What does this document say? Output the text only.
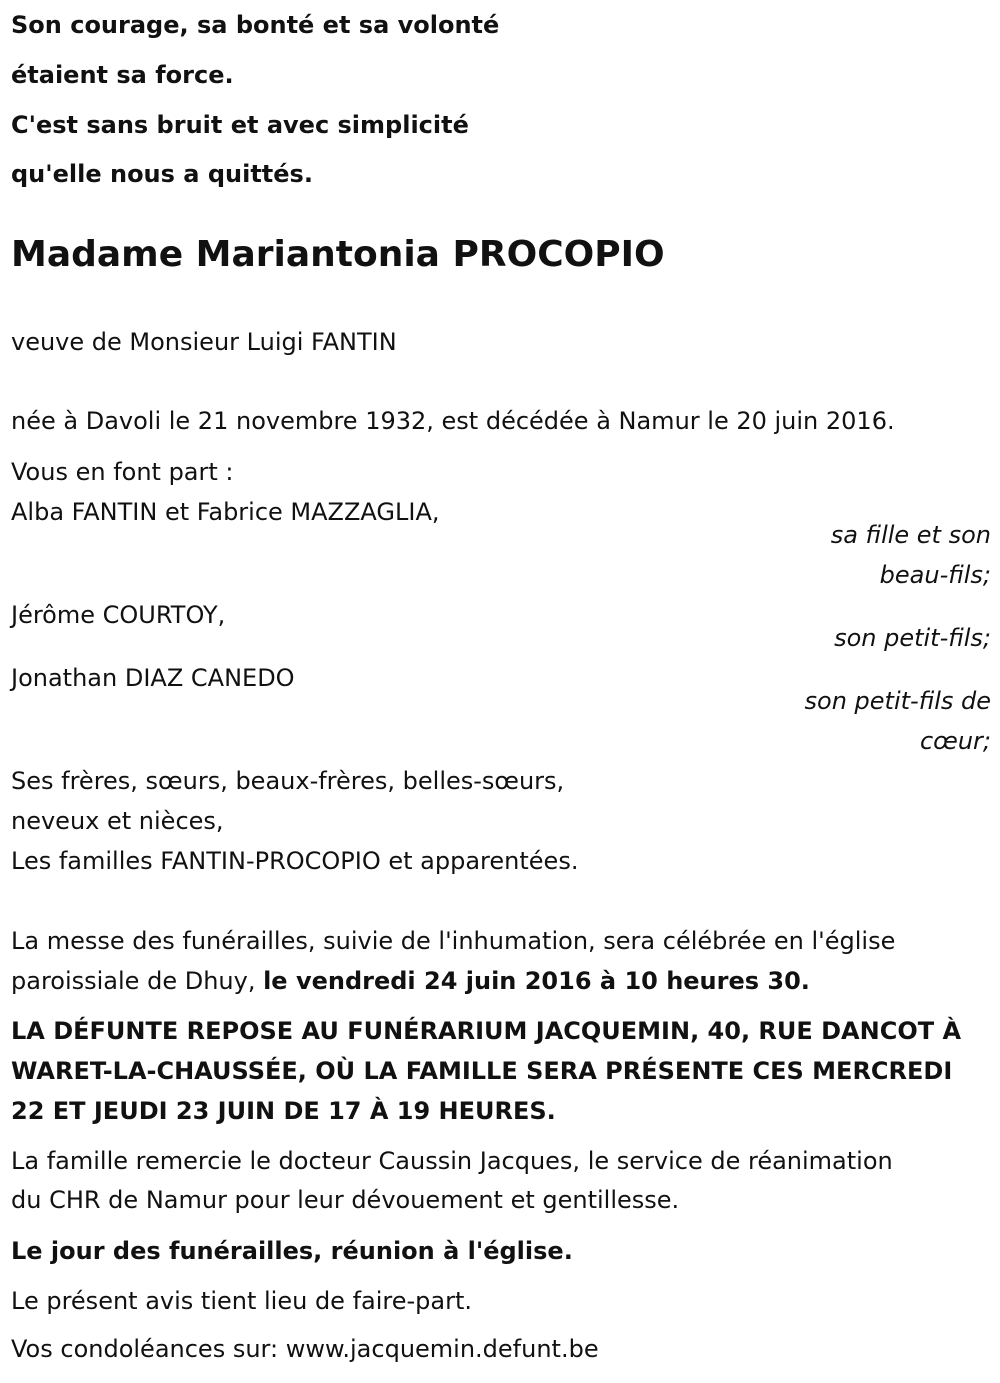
Son courage, sa bonté et sa volonté
étaient sa force.
C'est sans bruit et avec simplicité
qu'elle nous a quittés.
Madame Mariantonia PROCOPIO
veuve de Monsieur Luigi FANTIN
née à Davoli le 21 novembre 1932, est décédée à Namur le 20 juin 2016.
Vous en font part :
Alba FANTIN et Fabrice MAZZAGLIA,
sa fille et son
beau-fils;
Jérôme COURTOY,
son petit-fils;
Jonathan DIAZ CANEDO
son petit-fils de
cœur;
Ses frères, sœurs, beaux-frères, belles-sœurs,
neveux et nièces,
Les familles FANTIN-PROCOPIO et apparentées.
La messe des funérailles, suivie de l'inhumation, sera célébrée en l'église
paroissiale de Dhuy, le vendredi 24 juin 2016 à 10 heures 30.
LA DÉFUNTE REPOSE AU FUNÉRARIUM JACQUEMIN, 40, RUE DANCOT À
WARET-LA-CHAUSSÉE, OÙ LA FAMILLE SERA PRÉSENTE CES MERCREDI
22 ET JEUDI 23 JUIN DE 17 À 19 HEURES.
La famille remercie le docteur Caussin Jacques, le service de réanimation
du CHR de Namur pour leur dévouement et gentillesse.
Le jour des funérailles, réunion à l'église.
Le présent avis tient lieu de faire-part.
Vos condoléances sur: www.jacquemin.defunt.be
